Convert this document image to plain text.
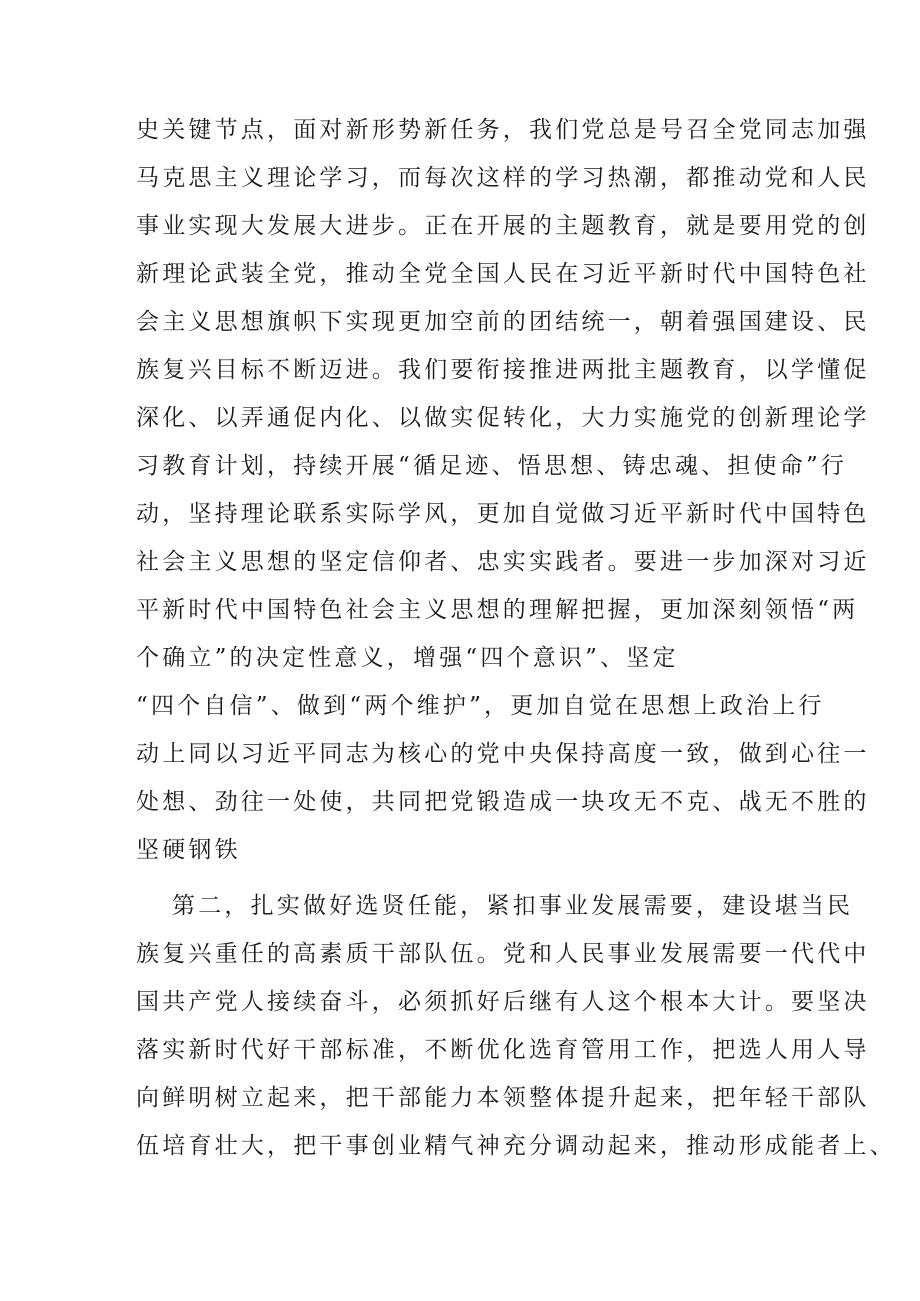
史关键节点，面对新形势新任务，我们党总是号召全党同志加强
马克思主义理论学习，而每次这样的学习热潮，都推动党和人民
事业实现大发展大进步。正在开展的主题教育，就是要用党的创
新理论武装全党，推动全党全国人民在习近平新时代中国特色社
会主义思想旗帜下实现更加空前的团结统一，朝着强国建设、民
族复兴目标不断迈进。我们要衔接推进两批主题教育，以学懂促
深化、以弄通促内化、以做实促转化，大力实施党的创新理论学
习教育计划，持续开展“循足迹、悟思想、铸忠魂、担使命”行
动，坚持理论联系实际学风，更加自觉做习近平新时代中国特色
社会主义思想的坚定信仰者、忠实实践者。要进一步加深对习近
平新时代中国特色社会主义思想的理解把握，更加深刻领悟“两
个确立”的决定性意义，增强“四个意识”、坚定
“四个自信”、做到“两个维护”，更加自觉在思想上政治上行
动上同以习近平同志为核心的党中央保持高度一致，做到心往一
处想、劲往一处使，共同把党锻造成一块攻无不克、战无不胜的
坚硬钢铁
第二，扎实做好选贤任能，紧扣事业发展需要，建设堪当民
族复兴重任的高素质干部队伍。党和人民事业发展需要一代代中
国共产党人接续奋斗，必须抓好后继有人这个根本大计。要坚决
落实新时代好干部标准，不断优化选育管用工作，把选人用人导
向鲜明树立起来，把干部能力本领整体提升起来，把年轻干部队
伍培育壮大，把干事创业精气神充分调动起来，推动形成能者上、
